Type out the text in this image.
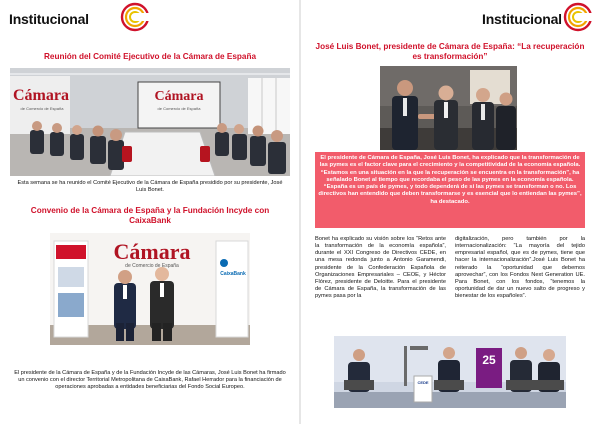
Institucional
Reunión del Comité Ejecutivo de la Cámara de España
Cámara
de Comercio de España
Cámara
de Comercio de España
Esta semana se ha reunido el Comité Ejecutivo de la Cámara de España presidido por su presidente, José Luis Bonet.
Convenio de la Cámara de España y la Fundación Incyde con CaixaBank
Cámara
de Comercio de España
CaixaBank
El presidente de la Cámara de España y de la Fundación Incyde de las Cámaras, José Luis Bonet ha firmado un convenio con el director Territorial Metropolitana de CaixaBank, Rafael Herrador para la financiación de operaciones aprobadas a entidades beneficiarias del Fondo Social Europeo.
Institucional
José Luis Bonet, presidente de Cámara de España: “La recuperación es transformación”
El presidente de Cámara de España, José Luis Bonet, ha explicado que la transformación de las pymes es el factor clave para el crecimiento y la competitividad de la economía española. “Estamos en una situación en la que la recuperación se encuentra en la transformación”, ha señalado Bonet al tiempo que recordaba el peso de las pymes en la economía española. “España es un país de pymes, y todo dependerá de si las pymes se transforman o no. Los directivos han entendido que deben transformarse y es esencial que lo entiendan las pymes”, ha destacado.
Bonet ha explicado su visión sobre los “Retos ante la transformación de la economía española”, durante el XXI Congreso de Directivos CEDE, en una mesa redonda junto a Antonio Garamendi, presidente de la Confederación Española de Organizaciones Empresariales – CEOE, y Héctor Flórez, presidente de Deloitte. Para el presidente de Cámara de España, la transformación de las pymes pasa por la
digitalización, pero también por la internacionalización: “La mayoría del tejido empresarial español, que es de pymes, tiene que hacer la internacionalización”.José Luis Bonet ha reiterado la “oportunidad que debemos aprovechar”, con los Fondos Next Generation UE. Para Bonet, con los fondos, “tenemos la oportunidad de dar un nuevo salto de progreso y bienestar de los españoles”.
25
CEDE
